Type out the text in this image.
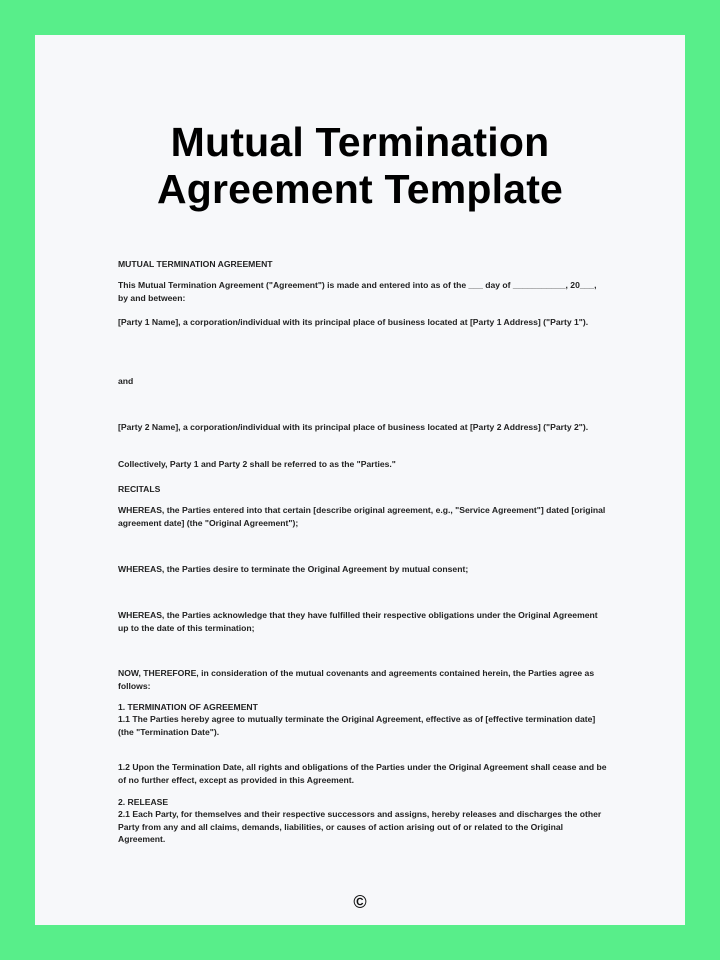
Mutual Termination
Agreement Template
MUTUAL TERMINATION AGREEMENT
This Mutual Termination Agreement ("Agreement") is made and entered into as of the ___ day of ___________, 20___, by and between:
[Party 1 Name], a corporation/individual with its principal place of business located at [Party 1 Address] ("Party 1").
and
[Party 2 Name], a corporation/individual with its principal place of business located at [Party 2 Address] ("Party 2").
Collectively, Party 1 and Party 2 shall be referred to as the "Parties."
RECITALS
WHEREAS, the Parties entered into that certain [describe original agreement, e.g., "Service Agreement"] dated [original agreement date] (the "Original Agreement");
WHEREAS, the Parties desire to terminate the Original Agreement by mutual consent;
WHEREAS, the Parties acknowledge that they have fulfilled their respective obligations under the Original Agreement up to the date of this termination;
NOW, THEREFORE, in consideration of the mutual covenants and agreements contained herein, the Parties agree as follows:
1. TERMINATION OF AGREEMENT
1.1 The Parties hereby agree to mutually terminate the Original Agreement, effective as of [effective termination date] (the "Termination Date").
1.2 Upon the Termination Date, all rights and obligations of the Parties under the Original Agreement shall cease and be of no further effect, except as provided in this Agreement.
2. RELEASE
2.1 Each Party, for themselves and their respective successors and assigns, hereby releases and discharges the other Party from any and all claims, demands, liabilities, or causes of action arising out of or related to the Original Agreement.
©
